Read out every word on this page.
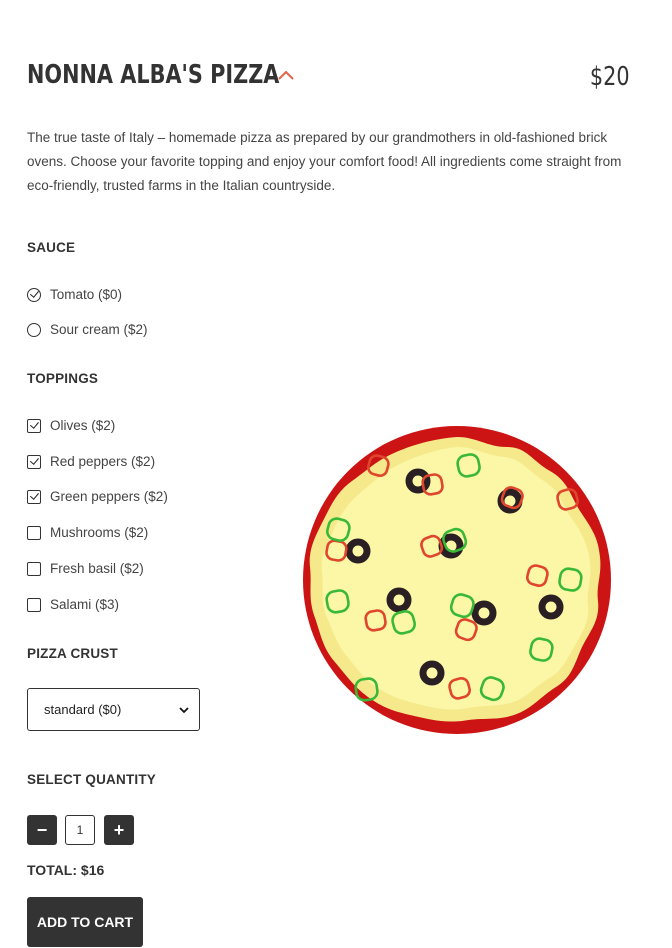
NONNA ALBA'S PIZZA	$20
The true taste of Italy – homemade pizza as prepared by our grandmothers in old-fashioned brick ovens. Choose your favorite topping and enjoy your comfort food! All ingredients come straight from eco-friendly, trusted farms in the Italian countryside.
SAUCE
Tomato ($0)
Sour cream ($2)
TOPPINGS
Olives ($2)
Red peppers ($2)
Green peppers ($2)
Mushrooms ($2)
Fresh basil ($2)
Salami ($3)
PIZZA CRUST
standard ($0)
SELECT QUANTITY
−	1	+
TOTAL: $16
ADD TO CART
